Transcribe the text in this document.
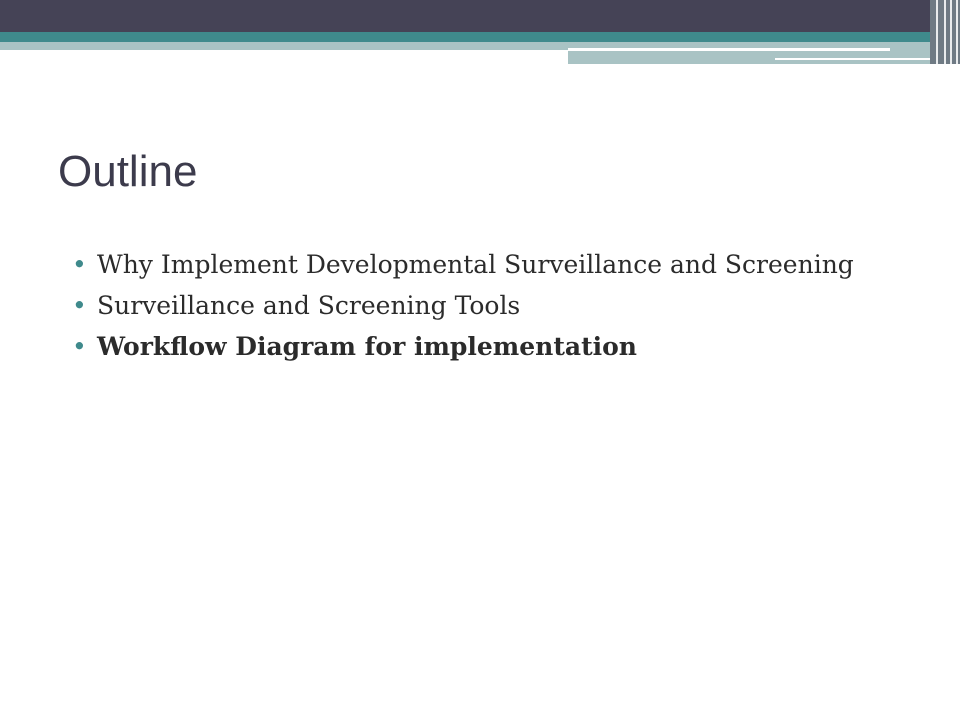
Outline
• Why Implement Developmental Surveillance and Screening
• Surveillance and Screening Tools
• Workflow Diagram for implementation
